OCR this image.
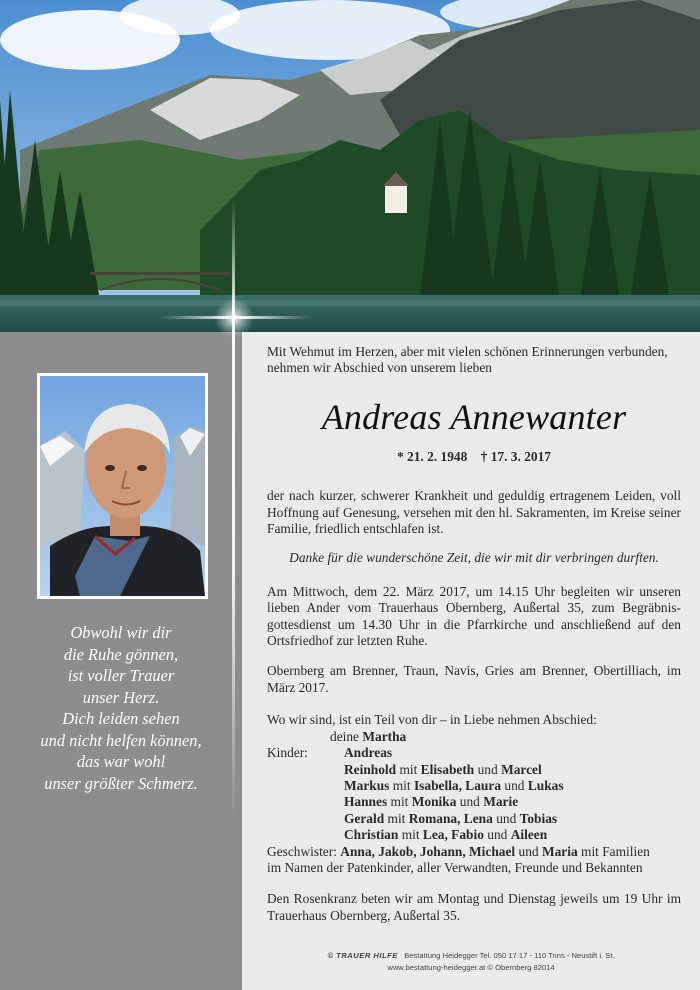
Obwohl wir dir
die Ruhe gönnen,
ist voller Trauer
unser Herz.
Dich leiden sehen
und nicht helfen können,
das war wohl
unser größter Schmerz.
Mit Wehmut im Herzen, aber mit vielen schönen Erinnerungen verbunden,
nehmen wir Abschied von unserem lieben
Andreas Annewanter
* 21. 2. 1948 † 17. 3. 2017
der nach kurzer, schwerer Krankheit und geduldig ertragenem Leiden, voll Hoffnung auf Genesung, versehen mit den hl. Sakramenten, im Kreise seiner Familie, friedlich entschlafen ist.
Danke für die wunderschöne Zeit, die wir mit dir verbringen durften.
Am Mittwoch, dem 22. März 2017, um 14.15 Uhr begleiten wir unseren lieben Ander vom Trauerhaus Obernberg, Außertal 35, zum Begräbnisgottesdienst um 14.30 Uhr in die Pfarrkirche und anschließend auf den Ortsfriedhof zur letzten Ruhe.
Obernberg am Brenner, Traun, Navis, Gries am Brenner, Obertilliach, im März 2017.
Wo wir sind, ist ein Teil von dir – in Liebe nehmen Abschied:
deine Martha
Kinder:	Andreas
Reinhold mit Elisabeth und Marcel
Markus mit Isabella, Laura und Lukas
Hannes mit Monika und Marie
Gerald mit Romana, Lena und Tobias
Christian mit Lea, Fabio und Aileen
Geschwister: Anna, Jakob, Johann, Michael und Maria mit Familien
im Namen der Patenkinder, aller Verwandten, Freunde und Bekannten
Den Rosenkranz beten wir am Montag und Dienstag jeweils um 19 Uhr im Trauerhaus Obernberg, Außertal 35.
© TRAUER HILFE Bestattung Heidegger Tel. 050 17 17 - 110 Trins - Neustift i. St.
www.bestattung-heidegger.at © Obernberg 82014
